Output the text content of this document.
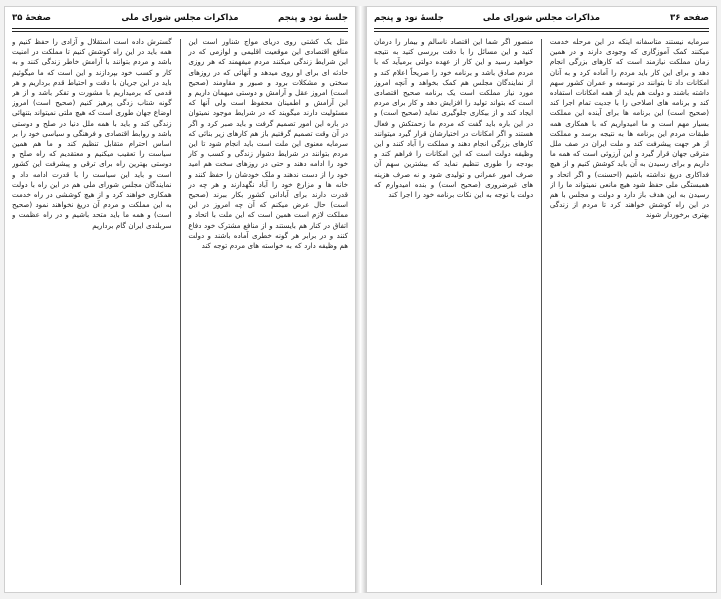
جلسهٔ نود و پنجم
مذاکرات مجلس شورای ملی
صفحهٔ ۳۵

مثل یک کشتی روی دریای مواج شناور است این منافع اقتصادی این موقعیت اقلیمی و لوازمی که در این شرایط زندگی میکنند مردم میفهمند که هر روزی حادثه ای برای او روی میدهد و آنهائی که در روزهای سختی و مشکلات برود و صبور و مقاومند (صحیح است) امروز عقل و آرامش و دوستی میهمان داریم و این آرامش و اطمینان محفوظ است ولی آنها که مسئولیت دارند میگویند که در شرایط موجود نمیتوان در باره این امور تصمیم گرفت و باید صبر کرد و اگر در آن وقت تصمیم گرفتیم باز هم کارهای زیر بنائی که سرمایه معنوی این ملت است باید انجام شود تا این مردم بتوانند در شرایط دشوار زندگی و کسب و کار خود را ادامه دهند و حتی در روزهای سخت هم امید خود را از دست ندهند و ملک خودشان را حفظ کنند و خانه ها و مزارع خود را آباد نگهدارند و هر چه در قدرت دارند برای آبادانی کشور بکار ببرند (صحیح است) حال عرض میکنم که آن چه امروز در این مملکت لازم است همین است که این ملت با اتحاد و اتفاق در کنار هم بایستند و از منافع مشترک خود دفاع کنند و در برابر هر گونه خطری آماده باشند و دولت هم وظیفه دارد که به خواسته های مردم توجه کند

گسترش داده است استقلال و آزادی را حفظ کنیم و همه باید در این راه کوشش کنیم تا مملکت در امنیت باشد و مردم بتوانند با آرامش خاطر زندگی کنند و به کار و کسب خود بپردازند و این است که ما میگوئیم باید در این جریان با دقت و احتیاط قدم برداریم و هر قدمی که برمیداریم با مشورت و تفکر باشد و از هر گونه شتاب زدگی پرهیز کنیم (صحیح است) امروز اوضاع جهان طوری است که هیچ ملتی نمیتواند بتنهائی زندگی کند و باید با همه ملل دنیا در صلح و دوستی باشد و روابط اقتصادی و فرهنگی و سیاسی خود را بر اساس احترام متقابل تنظیم کند و ما هم همین سیاست را تعقیب میکنیم و معتقدیم که راه صلح و دوستی بهترین راه برای ترقی و پیشرفت این کشور است و باید این سیاست را با قدرت ادامه داد و نمایندگان مجلس شورای ملی هم در این راه با دولت همکاری خواهند کرد و از هیچ کوششی در راه خدمت به این مملکت و مردم آن دریغ نخواهند نمود (صحیح است) و همه ما باید متحد باشیم و در راه عظمت و سربلندی ایران گام برداریم

صفحه ۳۶
مذاکرات مجلس شورای ملی
جلسهٔ نود و پنجم

سرمایه نیستند متاسفانه اینکه در این مرحله خدمت میکنند کمک آموزگاری که وجودی دارند و در همین زمان مملکت نیازمند است که کارهای بزرگی انجام دهد و برای این کار باید مردم را آماده کرد و به آنان امکانات داد تا بتوانند در توسعه و عمران کشور سهم داشته باشند و دولت هم باید از همه امکانات استفاده کند و برنامه های اصلاحی را با جدیت تمام اجرا کند (صحیح است) این برنامه ها برای آینده این مملکت بسیار مهم است و ما امیدواریم که با همکاری همه طبقات مردم این برنامه ها به نتیجه برسد و مملکت از هر جهت پیشرفت کند و ملت ایران در صف ملل مترقی جهان قرار گیرد و این آرزوئی است که همه ما داریم و برای رسیدن به آن باید کوشش کنیم و از هیچ فداکاری دریغ نداشته باشیم (احسنت) و اگر اتحاد و همبستگی ملی حفظ شود هیچ مانعی نمیتواند ما را از رسیدن به این هدف باز دارد و دولت و مجلس با هم در این راه کوشش خواهند کرد تا مردم از زندگی بهتری برخوردار شوند

منصور اگر شما این اقتصاد ناسالم و بیمار را درمان کنید و این مسائل را با دقت بررسی کنید به نتیجه خواهید رسید و این کار از عهده دولتی برمیآید که با مردم صادق باشد و برنامه خود را صریحاً اعلام کند و از نمایندگان مجلس هم کمک بخواهد و آنچه امروز مورد نیاز مملکت است یک برنامه صحیح اقتصادی است که بتواند تولید را افزایش دهد و کار برای مردم ایجاد کند و از بیکاری جلوگیری نماید (صحیح است) و در این باره باید گفت که مردم ما زحمتکش و فعال هستند و اگر امکانات در اختیارشان قرار گیرد میتوانند کارهای بزرگی انجام دهند و مملکت را آباد کنند و این وظیفه دولت است که این امکانات را فراهم کند و بودجه را طوری تنظیم نماید که بیشترین سهم آن صرف امور عمرانی و تولیدی شود و نه صرف هزینه های غیرضروری (صحیح است) و بنده امیدوارم که دولت با توجه به این نکات برنامه خود را اجرا کند
